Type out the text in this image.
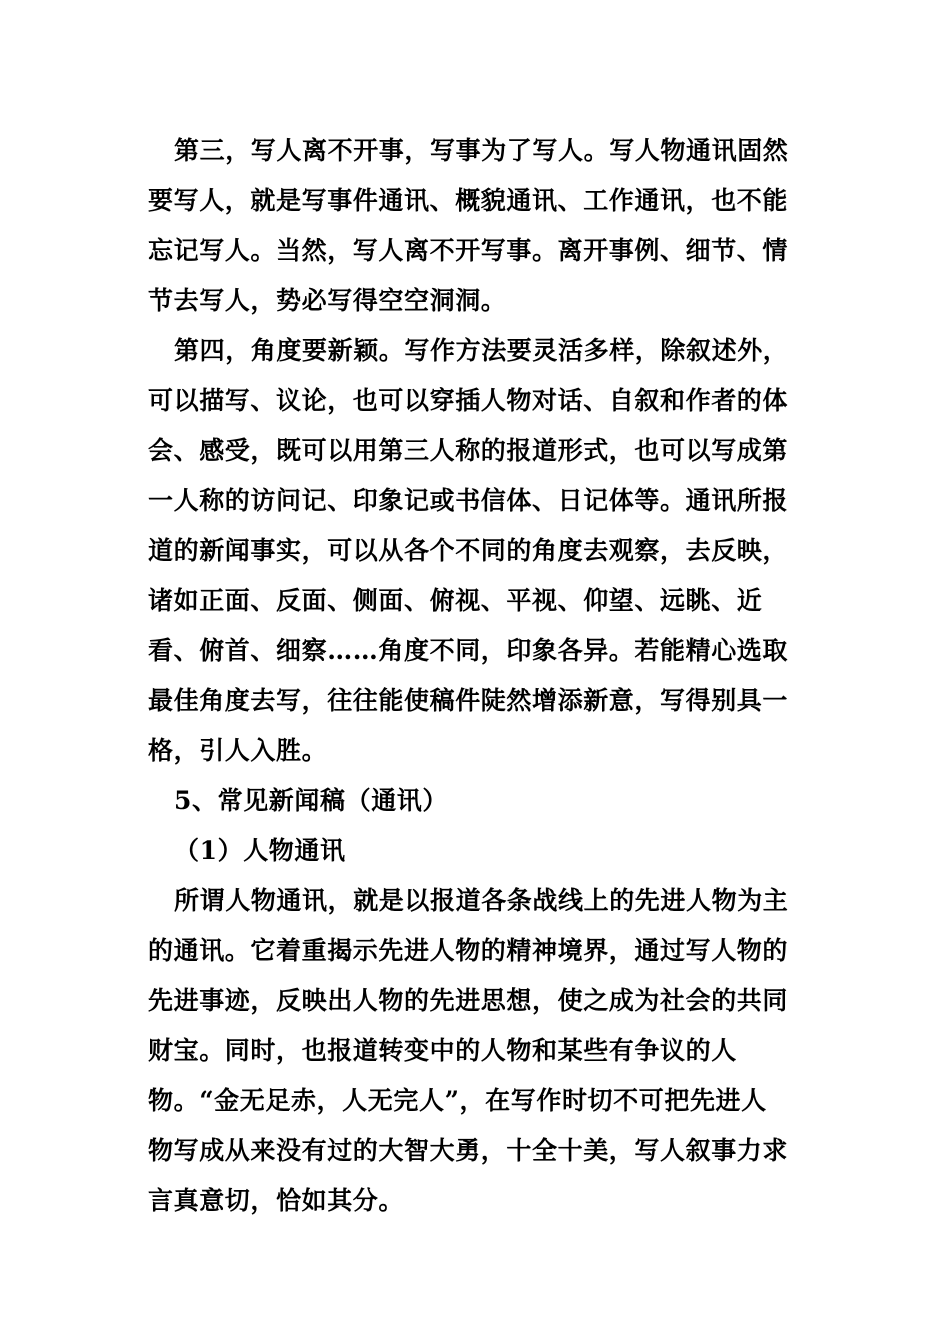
第三，写人离不开事，写事为了写人。写人物通讯固然
要写人，就是写事件通讯、概貌通讯、工作通讯，也不能
忘记写人。当然，写人离不开写事。离开事例、细节、情
节去写人，势必写得空空洞洞。
第四，角度要新颖。写作方法要灵活多样，除叙述外，
可以描写、议论，也可以穿插人物对话、自叙和作者的体
会、感受，既可以用第三人称的报道形式，也可以写成第
一人称的访问记、印象记或书信体、日记体等。通讯所报
道的新闻事实，可以从各个不同的角度去观察，去反映，
诸如正面、反面、侧面、俯视、平视、仰望、远眺、近
看、俯首、细察……角度不同，印象各异。若能精心选取
最佳角度去写，往往能使稿件陡然增添新意，写得别具一
格，引人入胜。
5、常见新闻稿（通讯）
（1）人物通讯
所谓人物通讯，就是以报道各条战线上的先进人物为主
的通讯。它着重揭示先进人物的精神境界，通过写人物的
先进事迹，反映出人物的先进思想，使之成为社会的共同
财宝。同时，也报道转变中的人物和某些有争议的人
物。“金无足赤，人无完人”，在写作时切不可把先进人
物写成从来没有过的大智大勇，十全十美，写人叙事力求
言真意切，恰如其分。
